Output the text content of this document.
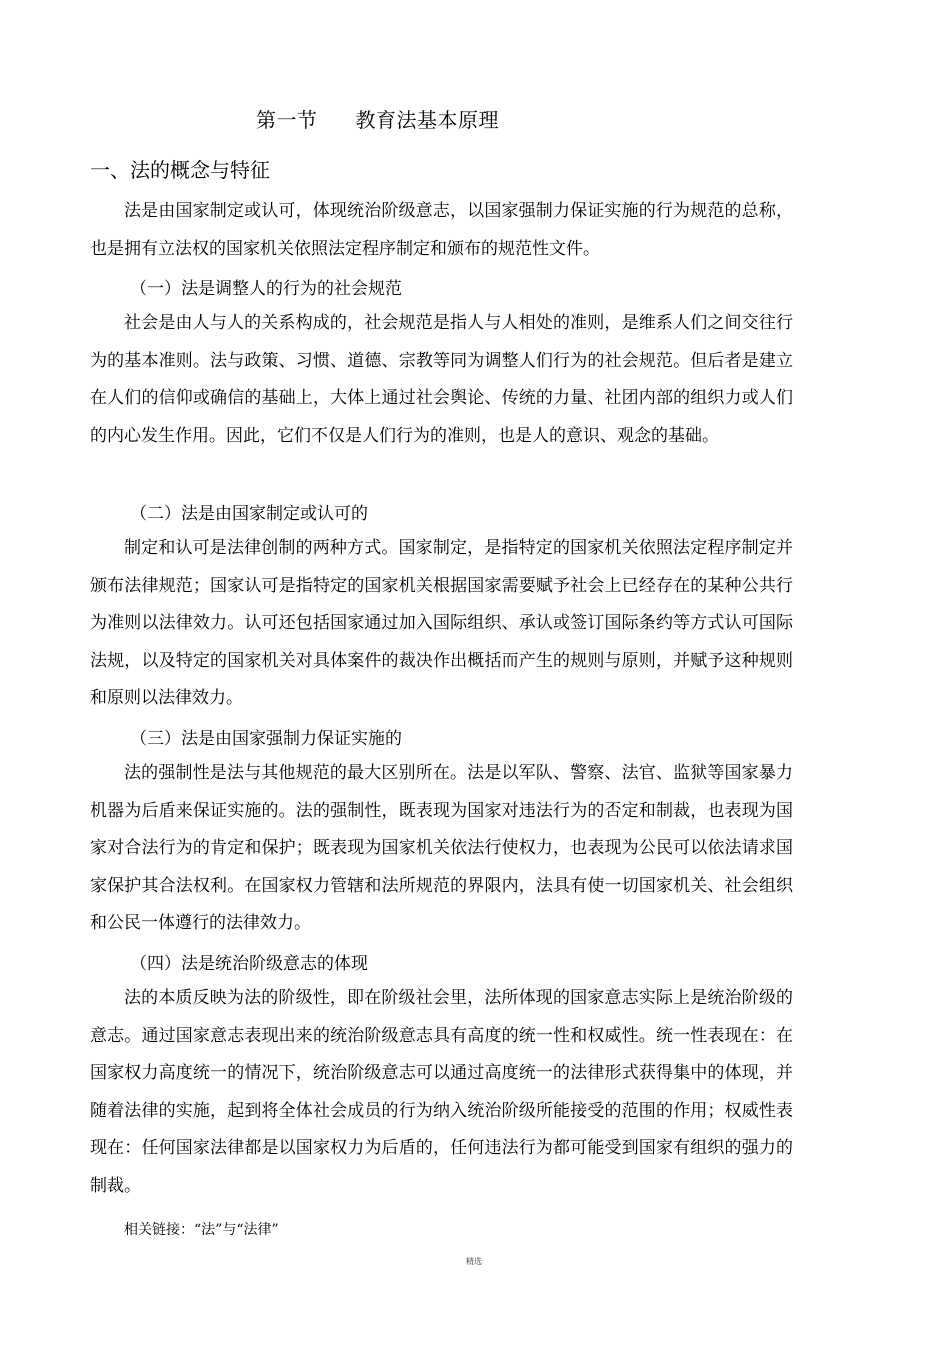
第一节 教育法基本原理
一、法的概念与特征

法是由国家制定或认可，体现统治阶级意志，以国家强制力保证实施的行为规范的总称，也是拥有立法权的国家机关依照法定程序制定和颁布的规范性文件。

（一）法是调整人的行为的社会规范

社会是由人与人的关系构成的，社会规范是指人与人相处的准则，是维系人们之间交往行为的基本准则。法与政策、习惯、道德、宗教等同为调整人们行为的社会规范。但后者是建立在人们的信仰或确信的基础上，大体上通过社会舆论、传统的力量、社团内部的组织力或人们的内心发生作用。因此，它们不仅是人们行为的准则，也是人的意识、观念的基础。

（二）法是由国家制定或认可的

制定和认可是法律创制的两种方式。国家制定，是指特定的国家机关依照法定程序制定并颁布法律规范；国家认可是指特定的国家机关根据国家需要赋予社会上已经存在的某种公共行为准则以法律效力。认可还包括国家通过加入国际组织、承认或签订国际条约等方式认可国际法规，以及特定的国家机关对具体案件的裁决作出概括而产生的规则与原则，并赋予这种规则和原则以法律效力。

（三）法是由国家强制力保证实施的

法的强制性是法与其他规范的最大区别所在。法是以军队、警察、法官、监狱等国家暴力机器为后盾来保证实施的。法的强制性，既表现为国家对违法行为的否定和制裁，也表现为国家对合法行为的肯定和保护；既表现为国家机关依法行使权力，也表现为公民可以依法请求国家保护其合法权利。在国家权力管辖和法所规范的界限内，法具有使一切国家机关、社会组织和公民一体遵行的法律效力。

（四）法是统治阶级意志的体现

法的本质反映为法的阶级性，即在阶级社会里，法所体现的国家意志实际上是统治阶级的意志。通过国家意志表现出来的统治阶级意志具有高度的统一性和权威性。统一性表现在：在国家权力高度统一的情况下，统治阶级意志可以通过高度统一的法律形式获得集中的体现，并随着法律的实施，起到将全体社会成员的行为纳入统治阶级所能接受的范围的作用；权威性表现在：任何国家法律都是以国家权力为后盾的，任何违法行为都可能受到国家有组织的强力的制裁。

相关链接：“法”与“法律”
精选
